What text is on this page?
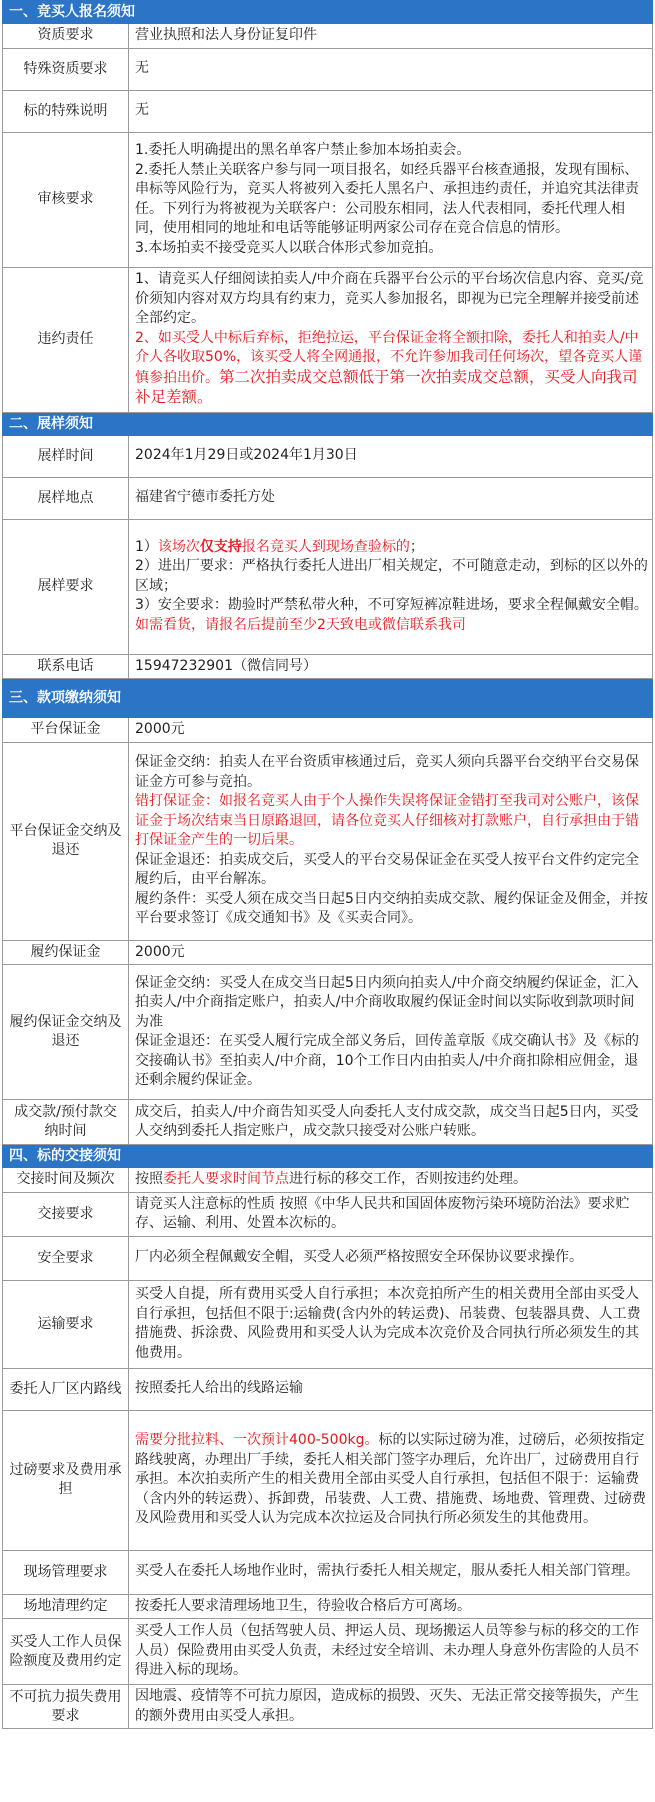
一、竞买人报名须知	
资质要求	营业执照和法人身份证复印件
特殊资质要求	无
标的特殊说明	无
审核要求	1.委托人明确提出的黑名单客户禁止参加本场拍卖会。
2.委托人禁止关联客户参与同一项目报名，如经兵器平台核查通报，发现有围标、串标等风险行为，竞买人将被列入委托人黑名户、承担违约责任，并追究其法律责任。下列行为将被视为关联客户：公司股东相同，法人代表相同，委托代理人相同，使用相同的地址和电话等能够证明两家公司存在竞合信息的情形。
3.本场拍卖不接受竞买人以联合体形式参加竞拍。

违约责任	1、请竞买人仔细阅读拍卖人/中介商在兵器平台公示的平台场次信息内容、竞买/竞价须知内容对双方均具有约束力，竞买人参加报名，即视为已完全理解并接受前述全部约定。
2、如买受人中标后弃标，拒绝拉运，平台保证金将全额扣除，委托人和拍卖人/中介人各收取50%，该买受人将全网通报，不允许参加我司任何场次，望各竞买人谨慎参拍出价。第二次拍卖成交总额低于第一次拍卖成交总额，买受人向我司补足差额。

二、展样须知	
展样时间	2024年1月29日或2024年1月30日
展样地点	福建省宁德市委托方处
展样要求	1）该场次仅支持报名竞买人到现场查验标的；
2）进出厂要求：严格执行委托人进出厂相关规定，不可随意走动，到标的区以外的区域；
3）安全要求：勘验时严禁私带火种，不可穿短裤凉鞋进场，要求全程佩戴安全帽。
如需看货，请报名后提前至少2天致电或微信联系我司

联系电话	15947232901（微信同号）
三、款项缴纳须知	
平台保证金	2000元
平台保证金交纳及退还	保证金交纳：拍卖人在平台资质审核通过后，竞买人须向兵器平台交纳平台交易保证金方可参与竞拍。
错打保证金：如报名竞买人由于个人操作失误将保证金错打至我司对公账户，该保证金于场次结束当日原路退回，请各位竞买人仔细核对打款账户，自行承担由于错打保证金产生的一切后果。
保证金退还：拍卖成交后，买受人的平台交易保证金在买受人按平台文件约定完全履约后，由平台解冻。
履约条件：买受人须在成交当日起5日内交纳拍卖成交款、履约保证金及佣金，并按平台要求签订《成交通知书》及《买卖合同》。

履约保证金	2000元
履约保证金交纳及退还	保证金交纳：买受人在成交当日起5日内须向拍卖人/中介商交纳履约保证金，汇入拍卖人/中介商指定账户，拍卖人/中介商收取履约保证金时间以实际收到款项时间为准
保证金退还：在买受人履行完成全部义务后，回传盖章版《成交确认书》及《标的交接确认书》至拍卖人/中介商，10个工作日内由拍卖人/中介商扣除相应佣金，退还剩余履约保证金。

成交款/预付款交纳时间	成交后，拍卖人/中介商告知买受人向委托人支付成交款，成交当日起5日内，买受人交纳到委托人指定账户，成交款只接受对公账户转账。
四、标的交接须知	
交接时间及频次	按照委托人要求时间节点进行标的移交工作，否则按违约处理。
交接要求	请竞买人注意标的性质 按照《中华人民共和国固体废物污染环境防治法》要求贮存、运输、利用、处置本次标的。
安全要求	厂内必须全程佩戴安全帽，买受人必须严格按照安全环保协议要求操作。
运输要求	买受人自提，所有费用买受人自行承担；本次竞拍所产生的相关费用全部由买受人自行承担，包括但不限于:运输费(含内外的转运费)、吊装费、包装器具费、人工费措施费、拆涂费、风险费用和买受人认为完成本次竞价及合同执行所必须发生的其他费用。
委托人厂区内路线	按照委托人给出的线路运输
过磅要求及费用承担	需要分批拉料、一次预计400-500kg。标的以实际过磅为准，过磅后，必须按指定路线驶离，办理出厂手续，委托人相关部门签字办理后，允许出厂，过磅费用自行承担。本次拍卖所产生的相关费用全部由买受人自行承担，包括但不限于：运输费（含内外的转运费）、拆卸费，吊装费、人工费、措施费、场地费、管理费、过磅费及风险费用和买受人认为完成本次拉运及合同执行所必须发生的其他费用。
现场管理要求	买受人在委托人场地作业时，需执行委托人相关规定，服从委托人相关部门管理。
场地清理约定	按委托人要求清理场地卫生，待验收合格后方可离场。
买受人工作人员保险额度及费用约定	买受人工作人员（包括驾驶人员、押运人员、现场搬运人员等参与标的移交的工作人员）保险费用由买受人负责，未经过安全培训、未办理人身意外伤害险的人员不得进入标的现场。
不可抗力损失费用要求	因地震、疫情等不可抗力原因，造成标的损毁、灭失、无法正常交接等损失，产生的额外费用由买受人承担。
